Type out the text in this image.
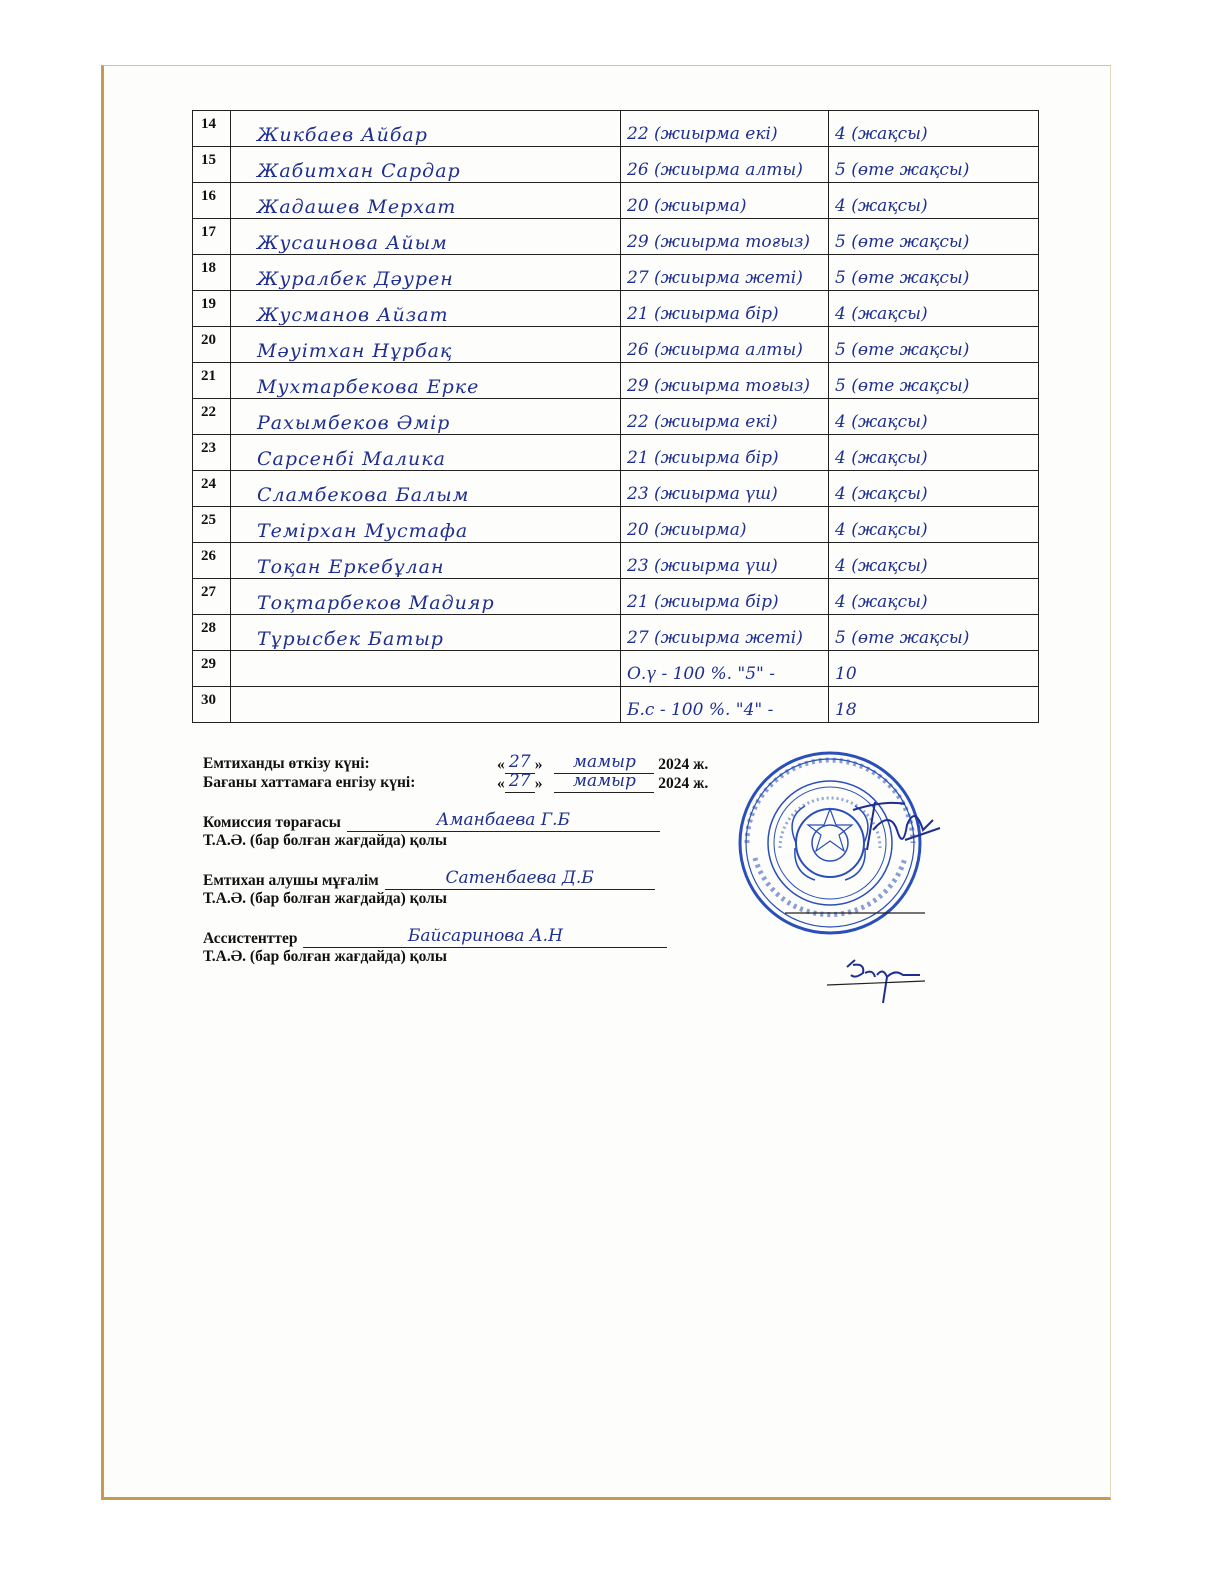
14	Жикбаев Айбар	22 (жиырма екі)	4 (жақсы)

15	Жабитхан Сардар	26 (жиырма алты)	5 (өте жақсы)

16	Жадашев Мерхат	20 (жиырма)	4 (жақсы)

17	Жусаинова Айым	29 (жиырма тоғыз)	5 (өте жақсы)

18	Журалбек Дәурен	27 (жиырма жеті)	5 (өте жақсы)

19	Жусманов Айзат	21 (жиырма бір)	4 (жақсы)

20	Мәуітхан Нұрбақ	26 (жиырма алты)	5 (өте жақсы)

21	Мухтарбекова Ерке	29 (жиырма тоғыз)	5 (өте жақсы)

22	Рахымбеков Әмір	22 (жиырма екі)	4 (жақсы)

23	Сарсенбі Малика	21 (жиырма бір)	4 (жақсы)

24	Сламбекова Балым	23 (жиырма үш)	4 (жақсы)

25	Темірхан Мустафа	20 (жиырма)	4 (жақсы)

26	Тоқан Еркебұлан	23 (жиырма үш)	4 (жақсы)

27	Тоқтарбеков Мадияр	21 (жиырма бір)	4 (жақсы)

28	Тұрысбек Батыр	27 (жиырма жеті)	5 (өте жақсы)

29		О.ү - 100 %. "5" -	10

30		Б.с - 100 %. "4" -	18
Емтиханды өткізу күні:	« 27 »	мамыр	2024 ж.
Бағаны хаттамаға енгізу күні:	« 27 »	мамыр	2024 ж.
Комиссия төрағасы	Аманбаева Г.Б
Т.А.Ә. (бар болған жағдайда) қолы
Емтихан алушы мұғалім	Сатенбаева Д.Б
Т.А.Ә. (бар болған жағдайда) қолы
Ассистенттер	Байсаринова А.Н
Т.А.Ә. (бар болған жағдайда) қолы
